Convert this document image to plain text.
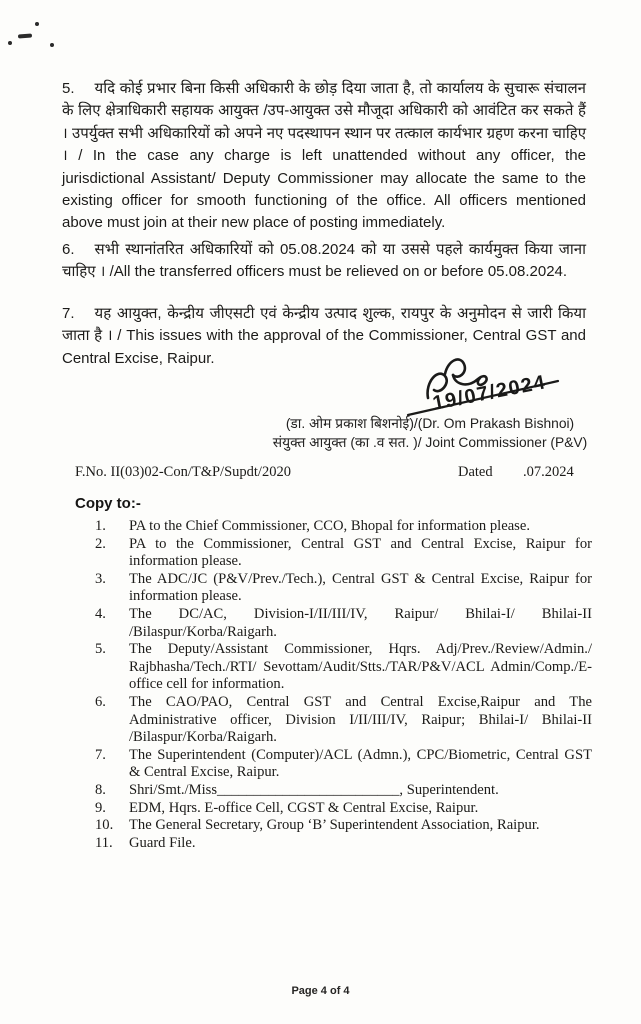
5. यदि कोई प्रभार बिना किसी अधिकारी के छोड़ दिया जाता है, तो कार्यालय के सुचारू संचालन के लिए क्षेत्राधिकारी सहायक आयुक्त /उप-आयुक्त उसे मौजूदा अधिकारी को आवंटित कर सकते हैं । उपर्युक्त सभी अधिकारियों को अपने नए पदस्थापन स्थान पर तत्काल कार्यभार ग्रहण करना चाहिए । / In the case any charge is left unattended without any officer, the jurisdictional Assistant/ Deputy Commissioner may allocate the same to the existing officer for smooth functioning of the office. All officers mentioned above must join at their new place of posting immediately.

6. सभी स्थानांतरित अधिकारियों को 05.08.2024 को या उससे पहले कार्यमुक्त किया जाना चाहिए । /All the transferred officers must be relieved on or before 05.08.2024.

7. यह आयुक्त, केन्द्रीय जीएसटी एवं केन्द्रीय उत्पाद शुल्क, रायपुर के अनुमोदन से जारी किया जाता है । / This issues with the approval of the Commissioner, Central GST and Central Excise, Raipur.

19/07/2024
(डा. ओम प्रकाश बिशनोई)/(Dr. Om Prakash Bishnoi)
संयुक्त आयुक्त (का .व सत. )/ Joint Commissioner (P&V)
F.No. II(03)02-Con/T&P/Supdt/2020	Dated .07.2024
Copy to:-
1.	PA to the Chief Commissioner, CCO, Bhopal for information please.
2.	PA to the Commissioner, Central GST and Central Excise, Raipur for information please.
3.	The ADC/JC (P&V/Prev./Tech.), Central GST & Central Excise, Raipur for information please.
4.	The DC/AC, Division-I/II/III/IV, Raipur/ Bhilai-I/ Bhilai-II /Bilaspur/Korba/Raigarh.
5.	The Deputy/Assistant Commissioner, Hqrs. Adj/Prev./Review/Admin./ Rajbhasha/Tech./RTI/ Sevottam/Audit/Stts./TAR/P&V/ACL Admin/Comp./E-office cell for information.
6.	The CAO/PAO, Central GST and Central Excise,Raipur and The Administrative officer, Division I/II/III/IV, Raipur; Bhilai-I/ Bhilai-II /Bilaspur/Korba/Raigarh.
7.	The Superintendent (Computer)/ACL (Admn.), CPC/Biometric, Central GST & Central Excise, Raipur.
8.	Shri/Smt./Miss_________________________, Superintendent.
9.	EDM, Hqrs. E-office Cell, CGST & Central Excise, Raipur.
10.	The General Secretary, Group ‘B’ Superintendent Association, Raipur.
11.	Guard File.
Page 4 of 4
